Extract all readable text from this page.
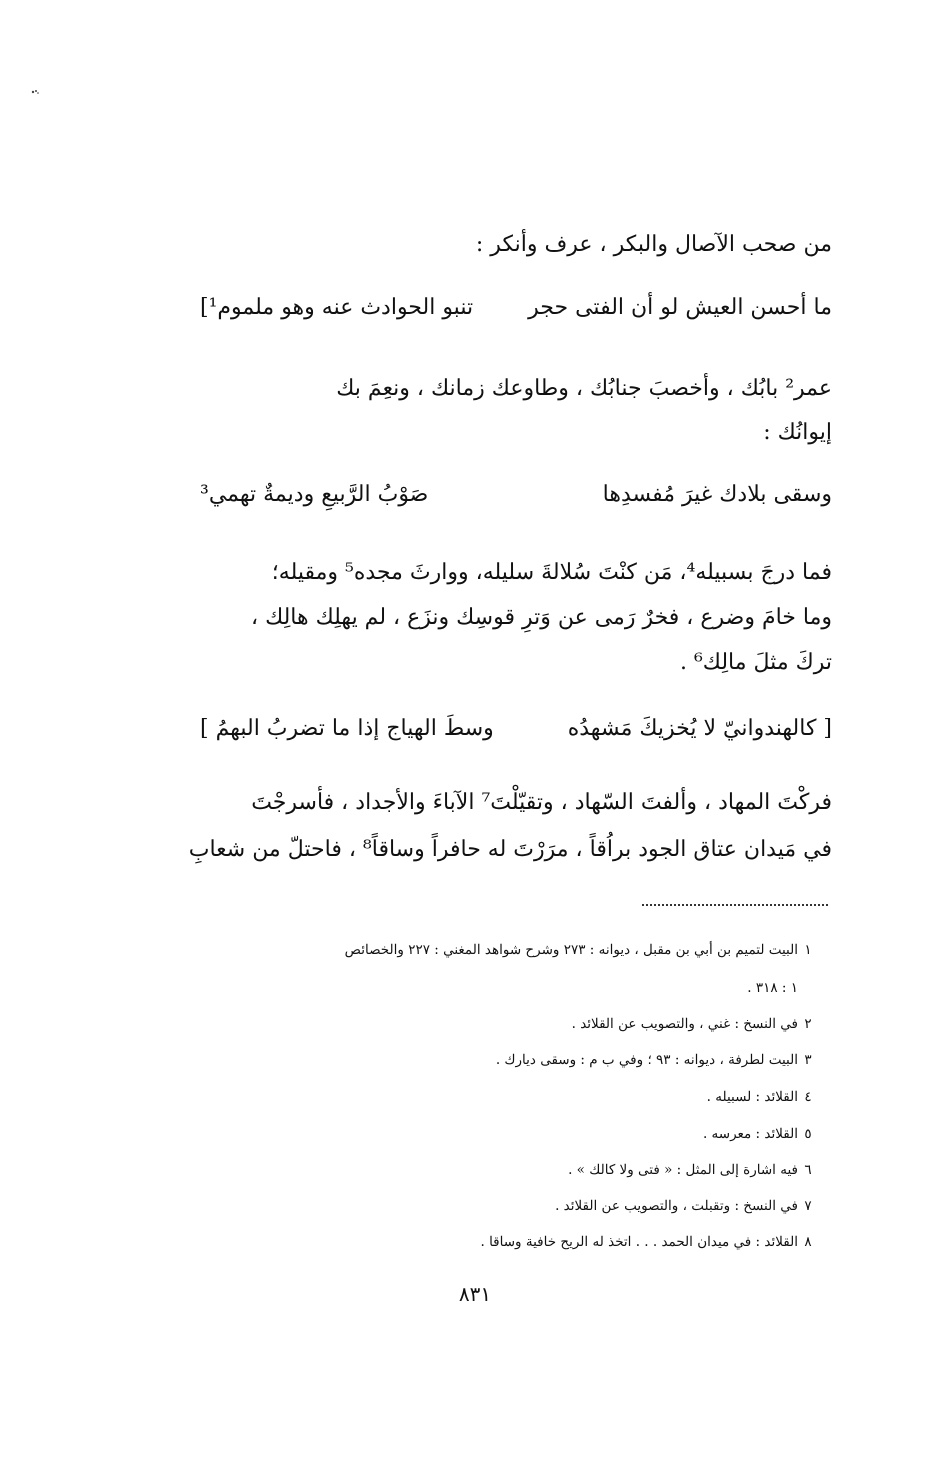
من صحب الآصال والبكر ، عرف وأنكر :
ما أحسن العيش لو أن الفتى حجر
تنبو الحوادث عنه وهو ملموم¹]
عمر² بابُك ، وأخصبَ جنابُك ، وطاوعك زمانك ، ونعِمَ بك
إيوانُك :
وسقى بلادك غيرَ مُفسدِها
صَوْبُ الرَّبيعِ وديمةٌ تهمي³
فما درجَ بسبيله⁴، مَن كنْتَ سُلالةَ سليله، ووارثَ مجده⁵ ومقيله؛
وما خامَ وضرع ، فخرٌ رَمى عن وَترِ قوسِك ونزَع ، لم يهلِك هالِك ،
تركَ مثلَ مالِك⁶ .
[ كالهندوانيّ لا يُخزيكَ مَشهدُه
وسطَ الهياج إذا ما تضربُ البهمُ ]
فركْتَ المهاد ، وألفتَ السّهاد ، وتقيّلْتَ⁷ الآباءَ والأجداد ، فأسرجْتَ
في مَيدان عتاق الجود براُقاً ، مرَرْتَ له حافراً وساقاً⁸ ، فاحتلّ من شعابِ
١البيت لتميم بن أبي بن مقبل ، ديوانه : ٢٧٣ وشرح شواهد المغني : ٢٢٧ والخصائص
١ : ٣١٨ .
٢في النسخ : غني ، والتصويب عن القلائد .
٣البيت لطرفة ، ديوانه : ٩٣ ؛ وفي ب م : وسقى ديارك .
٤القلائد : لسبيله .
٥القلائد : معرسه .
٦فيه اشارة إلى المثل : « فتى ولا كالك » .
٧في النسخ : وتقبلت ، والتصويب عن القلائد .
٨القلائد : في ميدان الحمد . . . اتخذ له الريح خافية وساقا .
٨٣١
